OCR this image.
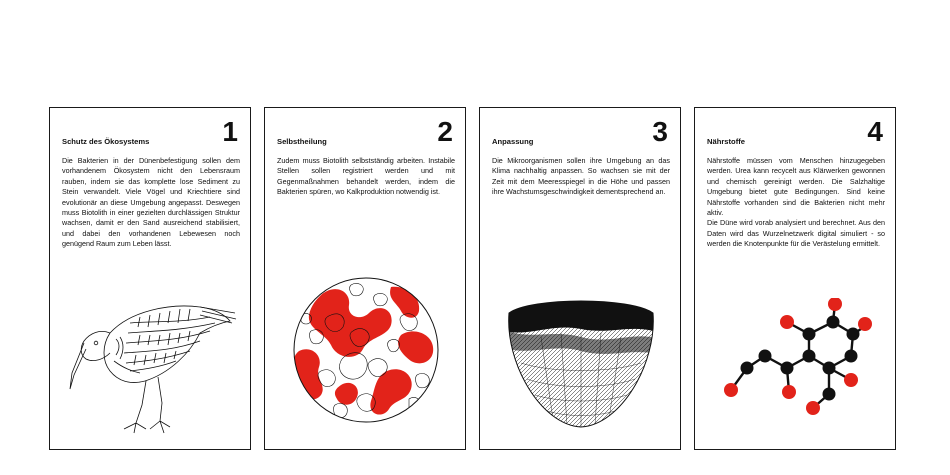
1
Schutz des Ökosystems
Die Bakterien in der Dünenbefestigung sollen dem vorhandenem Ökosystem nicht den Lebensraum rauben, indem sie das komplette lose Sediment zu Stein verwandelt. Viele Vögel und Kriechtiere sind evolutionär an diese Umgebung angepasst. Deswegen muss Biotolith in einer gezielten durchlässigen Struktur wachsen, damit er den Sand ausreichend stabilisiert, und dabei den vorhandenen Lebewesen noch genügend Raum zum Leben lässt.
2
Selbstheilung
Zudem muss Biotolith selbstständig arbeiten. Instabile Stellen sollen registriert werden und mit Gegenmaßnahmen behandelt werden, indem die Bakterien spüren, wo Kalkproduktion notwendig ist.
3
Anpassung
Die Mikroorganismen sollen ihre Umgebung an das Klima nachhaltig anpassen. So wachsen sie mit der Zeit mit dem Meeresspiegel in die Höhe und passen ihre Wachstumsgeschwindigkeit dementsprechend an.
4
Nährstoffe
Nährstoffe müssen vom Menschen hinzugegeben werden. Urea kann recycelt aus Klärwerken gewonnen und chemisch gereinigt werden. Die Salzhaltige Umgebung bietet gute Bedingungen. Sind keine Nährstoffe vorhanden sind die Bakterien nicht mehr aktiv.
Die Düne wird vorab analysiert und berechnet. Aus den Daten wird das Wurzelnetzwerk digital simuliert - so werden die Knotenpunkte für die Verästelung ermittelt.
